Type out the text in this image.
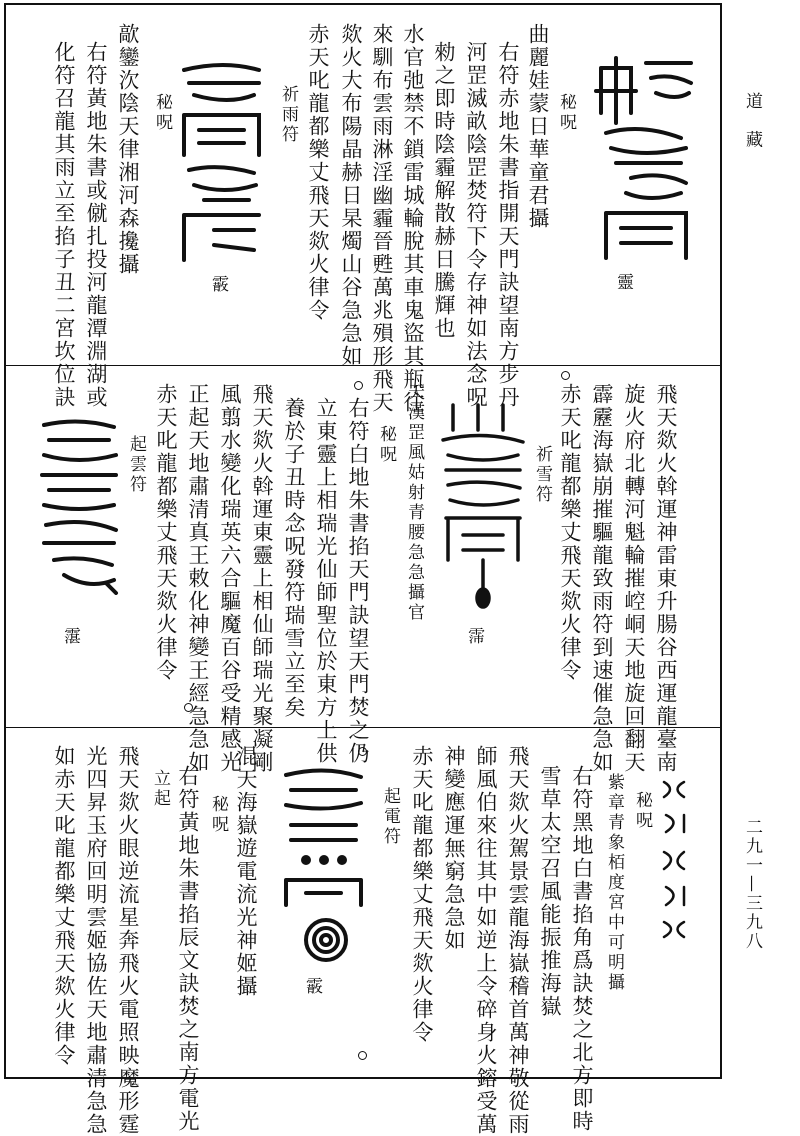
靈
秘呪
曲麗娃蒙日華童君攝
右符赤地朱書指開天門訣望南方步丹
河罡滅畝陰罡焚符下令存神如法念呪
勑之即時陰霾解散赫日騰輝也
水官弛禁不鎖雷城輪脫其車鬼盜其瓶往
來馴布雲雨淋淫幽霾晉甦萬兆殞形飛天
欻火大布陽晶赫日杲燭山谷急急如
赤天叱龍都樂丈飛天欻火律令
祈雨符
霰
秘呪
歊鑾㳄陰天律湘河森攙攝
右符黃地朱書或僦扎投河龍潭淵湖或
化符召龍其雨立至掐子丑二宮坎位訣
飛天欻火斡運神雷東升腸谷西運龍臺南
旋火府北轉河魁輪摧崆峒天地旋回翻天
霹靂海嶽崩摧驅龍致雨符到速催急急如
赤天叱龍都樂丈飛天欻火律令
祈雪符
霈
天漢罡風姑射青腰急急攝官
秘呪
右符白地朱書掐天門訣望天門焚之仍
立東靈上相瑞光仙師聖位於東方上供
養於子丑時念呪發符瑞雪立至矣
飛天欻火斡運東靈上相仙師瑞光聚凝剛
風翦水變化瑞英六合驅魔百谷受精感光
正起天地肅清真王敕化神變王經急急如
赤天叱龍都樂丈飛天欻火律令
起雲符
霮
紫章青象栢度宮中可明攝 秘呪
右符黑地白書掐角爲訣焚之北方即時
雪草太空召風能振推海嶽
飛天欻火駕景雲龍海嶽稽首萬神敬從雨
師風伯來往其中如逆上令碎身火鎔受萬
神變應運無窮急急如
赤天叱龍都樂丈飛天欻火律令
起電符
霰
混天海嶽遊電流光神姬攝
秘呪
右符黃地朱書掐辰文訣焚之南方電光
立起
飛天欻火眼逆流星奔飛火電照映魔形霆
光四昇玉府回明雲姬協佐天地肅清急急
如赤天叱龍都樂丈飛天欻火律令
道 藏
二九一—三九八
